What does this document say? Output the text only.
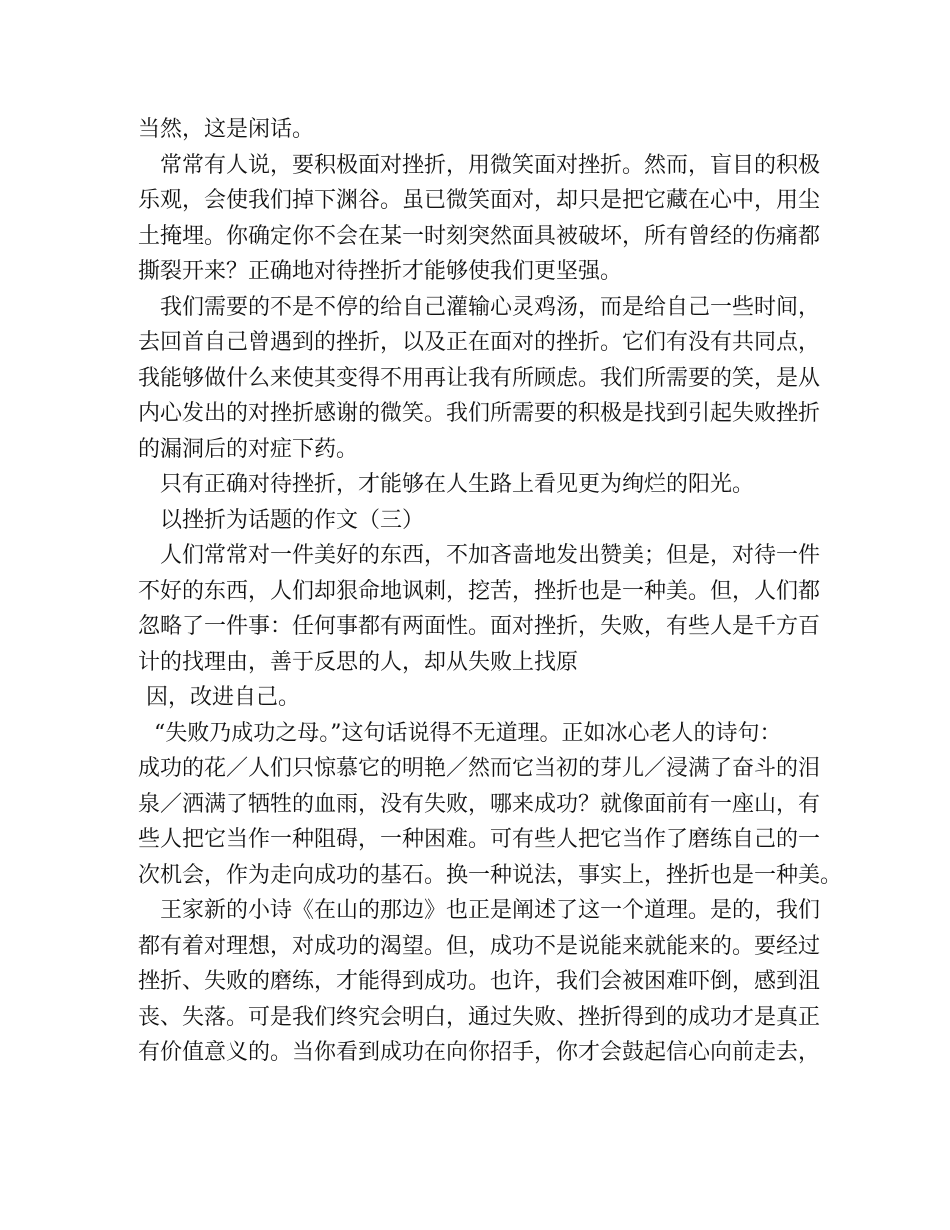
当然，这是闲话。
常常有人说，要积极面对挫折，用微笑面对挫折。然而，盲目的积极
乐观，会使我们掉下渊谷。虽已微笑面对，却只是把它藏在心中，用尘
土掩埋。你确定你不会在某一时刻突然面具被破坏，所有曾经的伤痛都
撕裂开来？正确地对待挫折才能够使我们更坚强。
我们需要的不是不停的给自己灌输心灵鸡汤，而是给自己一些时间，
去回首自己曾遇到的挫折，以及正在面对的挫折。它们有没有共同点，
我能够做什么来使其变得不用再让我有所顾虑。我们所需要的笑，是从
内心发出的对挫折感谢的微笑。我们所需要的积极是找到引起失败挫折
的漏洞后的对症下药。
只有正确对待挫折，才能够在人生路上看见更为绚烂的阳光。
以挫折为话题的作文（三）
人们常常对一件美好的东西，不加吝啬地发出赞美；但是，对待一件
不好的东西，人们却狠命地讽刺，挖苦，挫折也是一种美。但，人们都
忽略了一件事：任何事都有两面性。面对挫折，失败，有些人是千方百
计的找理由，善于反思的人，却从失败上找原
因，改进自己。
“失败乃成功之母。”这句话说得不无道理。正如冰心老人的诗句：
成功的花／人们只惊慕它的明艳／然而它当初的芽儿／浸满了奋斗的泪
泉／洒满了牺牲的血雨，没有失败，哪来成功？就像面前有一座山，有
些人把它当作一种阻碍，一种困难。可有些人把它当作了磨练自己的一
次机会，作为走向成功的基石。换一种说法，事实上，挫折也是一种美。
王家新的小诗《在山的那边》也正是阐述了这一个道理。是的，我们
都有着对理想，对成功的渴望。但，成功不是说能来就能来的。要经过
挫折、失败的磨练，才能得到成功。也许，我们会被困难吓倒，感到沮
丧、失落。可是我们终究会明白，通过失败、挫折得到的成功才是真正
有价值意义的。当你看到成功在向你招手，你才会鼓起信心向前走去，
